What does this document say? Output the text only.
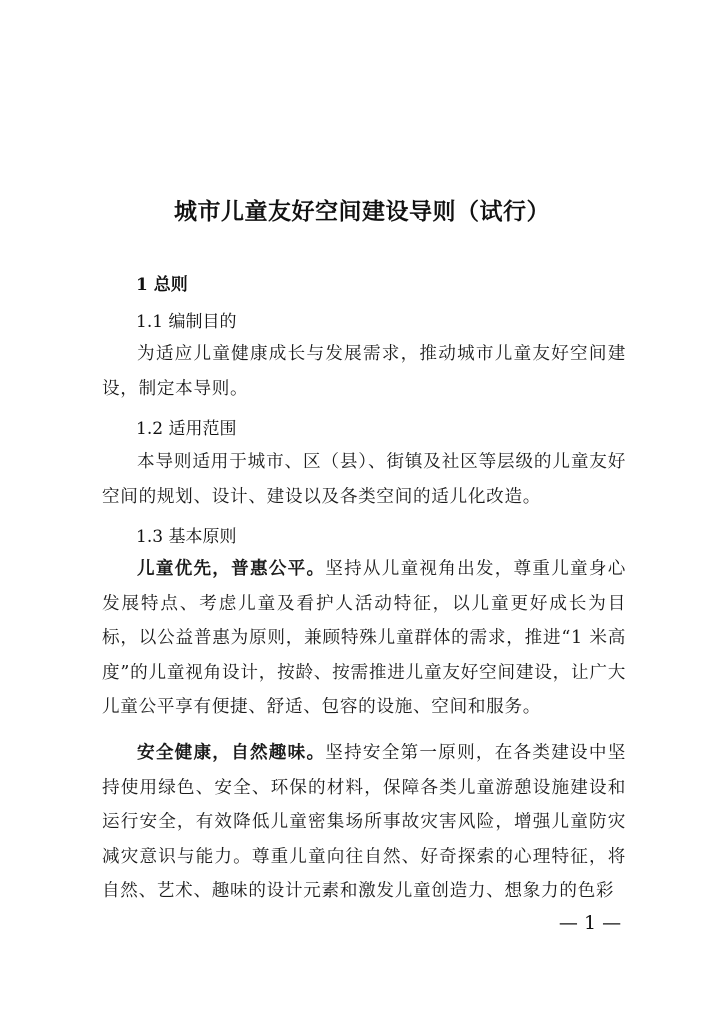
城市儿童友好空间建设导则（试行）
1 总则
1.1 编制目的

为适应儿童健康成长与发展需求，推动城市儿童友好空间建设，制定本导则。

1.2 适用范围

本导则适用于城市、区（县）、街镇及社区等层级的儿童友好空间的规划、设计、建设以及各类空间的适儿化改造。

1.3 基本原则

儿童优先，普惠公平。坚持从儿童视角出发，尊重儿童身心发展特点、考虑儿童及看护人活动特征，以儿童更好成长为目标，以公益普惠为原则，兼顾特殊儿童群体的需求，推进“1 米高度”的儿童视角设计，按龄、按需推进儿童友好空间建设，让广大儿童公平享有便捷、舒适、包容的设施、空间和服务。

安全健康，自然趣味。坚持安全第一原则，在各类建设中坚持使用绿色、安全、环保的材料，保障各类儿童游憩设施建设和运行安全，有效降低儿童密集场所事故灾害风险，增强儿童防灾减灾意识与能力。尊重儿童向往自然、好奇探索的心理特征，将自然、艺术、趣味的设计元素和激发儿童创造力、想象力的色彩

— 1 —
